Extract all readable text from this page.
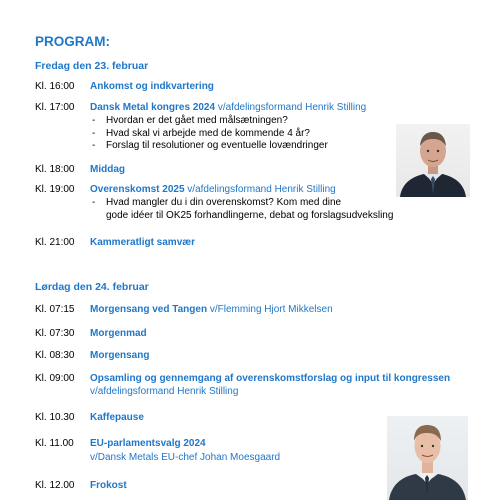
PROGRAM:
Fredag den 23. februar
Kl. 16:00 Ankomst og indkvartering
Kl. 17:00 Dansk Metal kongres 2024 v/afdelingsformand Henrik Stilling
- Hvordan er det gået med målsætningen?
- Hvad skal vi arbejde med de kommende 4 år?
- Forslag til resolutioner og eventuelle lovændringer
Kl. 18:00 Middag
Kl. 19:00 Overenskomst 2025 v/afdelingsformand Henrik Stilling
- Hvad mangler du i din overenskomst? Kom med dine
gode idéer til OK25 forhandlingerne, debat og forslagsudveksling
Kl. 21:00 Kammeratligt samvær
Lørdag den 24. februar
Kl. 07:15 Morgensang ved Tangen v/Flemming Hjort Mikkelsen
Kl. 07:30 Morgenmad
Kl. 08:30 Morgensang
Kl. 09:00 Opsamling og gennemgang af overenskomstforslag og input til kongressen
v/afdelingsformand Henrik Stilling
Kl. 10.30 Kaffepause
Kl. 11.00 EU-parlamentsvalg 2024
v/Dansk Metals EU-chef Johan Moesgaard
Kl. 12.00 Frokost
